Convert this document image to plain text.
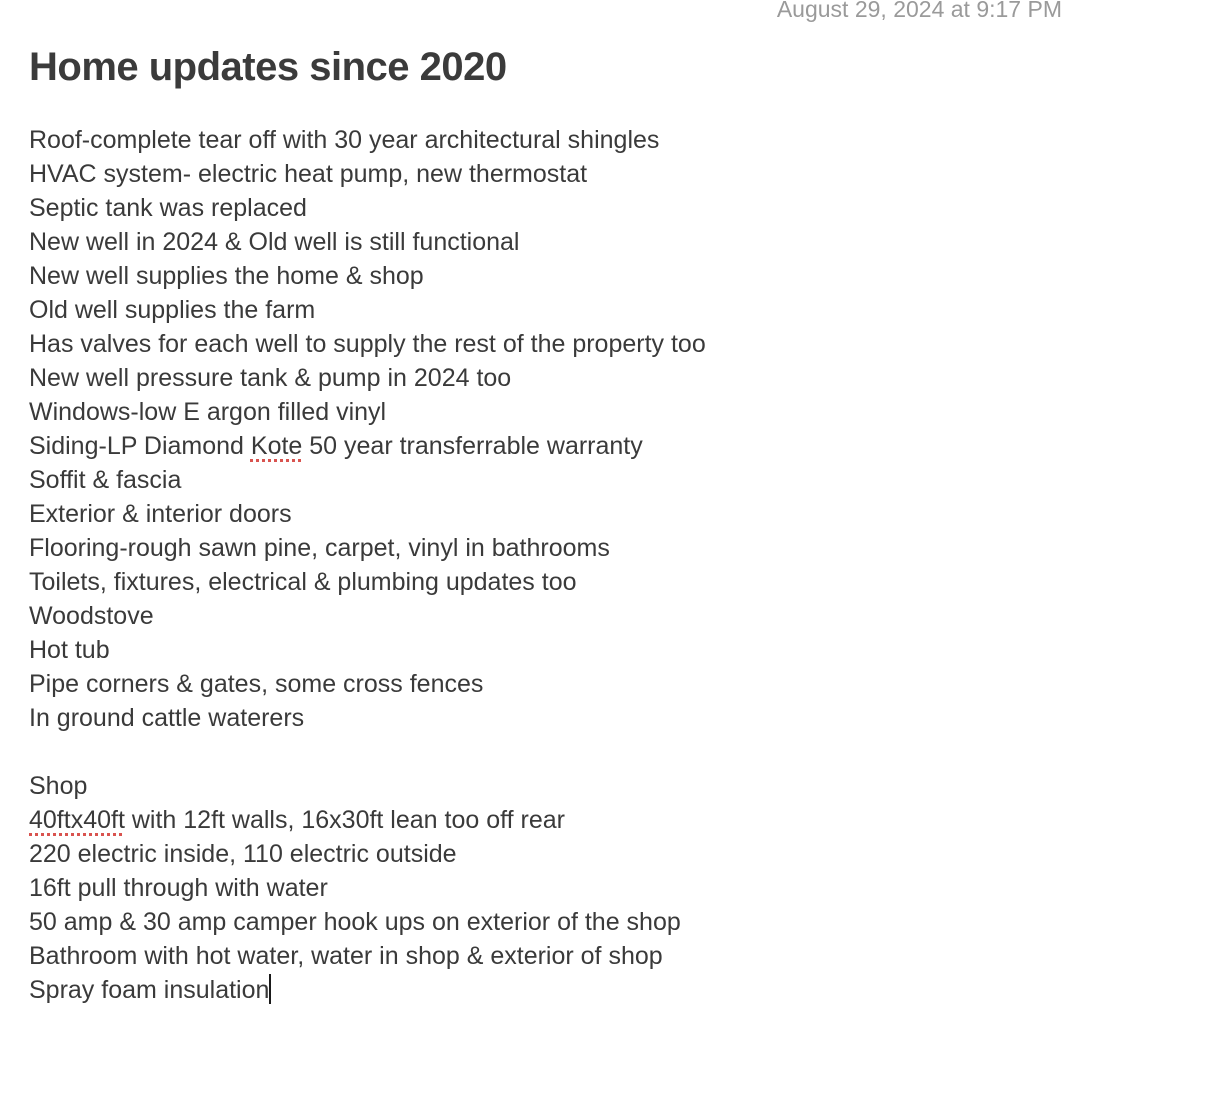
August 29, 2024 at 9:17 PM
Home updates since 2020
Roof-complete tear off with 30 year architectural shingles
HVAC system- electric heat pump, new thermostat
Septic tank was replaced
New well in 2024 & Old well is still functional
New well supplies the home & shop
Old well supplies the farm
Has valves for each well to supply the rest of the property too
New well pressure tank & pump in 2024 too
Windows-low E argon filled vinyl
Siding-LP Diamond Kote 50 year transferrable warranty
Soffit & fascia
Exterior & interior doors
Flooring-rough sawn pine, carpet, vinyl in bathrooms
Toilets, fixtures, electrical & plumbing updates too
Woodstove
Hot tub
Pipe corners & gates, some cross fences
In ground cattle waterers
Shop
40ftx40ft with 12ft walls, 16x30ft lean too off rear
220 electric inside, 110 electric outside
16ft pull through with water
50 amp & 30 amp camper hook ups on exterior of the shop
Bathroom with hot water, water in shop & exterior of shop
Spray foam insulation
